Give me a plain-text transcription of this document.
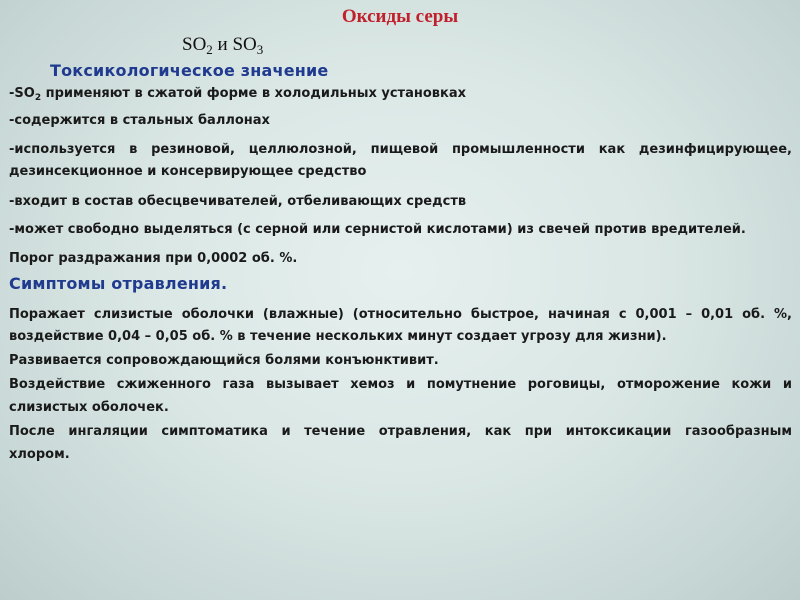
Оксиды серы
$SO_2$ и $SO_3$
Токсикологическое значение
$-SO_2$ применяют в сжатой форме в холодильных установках
-содержится в стальных баллонах
-используется в резиновой, целлюлозной, пищевой промышленности как дезинфицирующее,
дезинсекционное и консервирующее средство
-входит в состав обесцвечивателей, отбеливающих средств
-может свободно выделяться (с серной или сернистой кислотами) из свечей против вредителей.
Порог раздражания при 0,0002 об. %.
Симптомы отравления.
Поражает слизистые оболочки (влажные) (относительно быстрое, начиная с 0,001 – 0,01 об. %,
воздействие 0,04 – 0,05 об. % в течение нескольких минут создает угрозу для жизни).
Развивается сопровождающийся болями конъюнктивит.
Воздействие сжиженного газа вызывает хемоз и помутнение роговицы, отморожение кожи и
слизистых оболочек.
После ингаляции симптоматика и течение отравления, как при интоксикации газообразным
хлором.
